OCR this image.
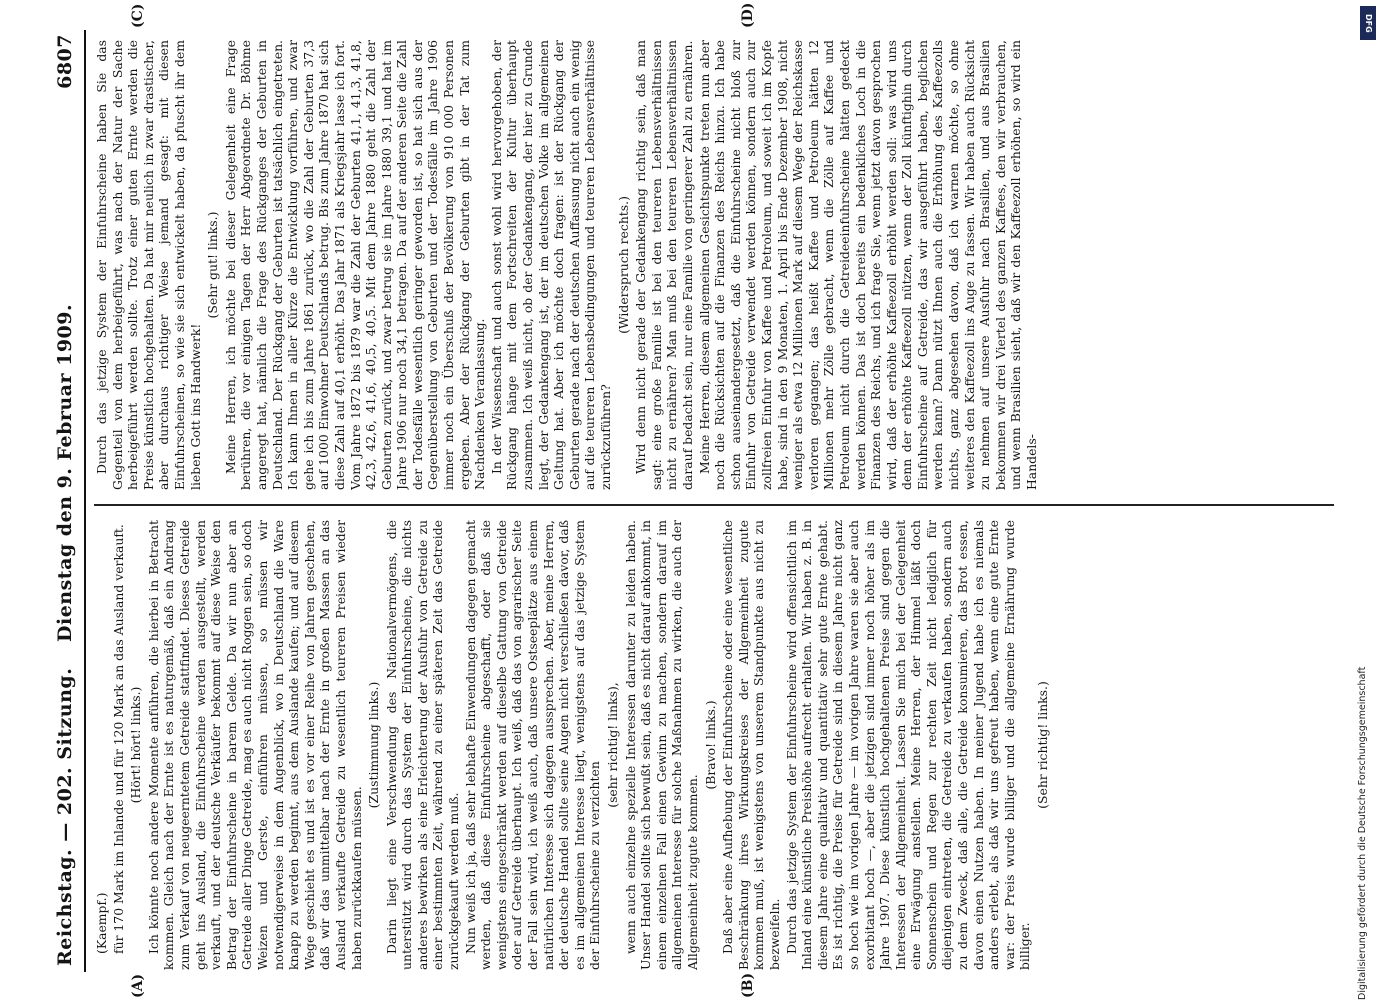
Reichstag. — 202. Sitzung.
Dienstag den 9. Februar 1909.
6807

(Kaempf.) für 170 Mark im Inlande und für 120 Mark an das Ausland verkauft. (Hört! hört! links.) Ich könnte noch andere Momente anführen, die hierbei in Betracht kommen. Gleich nach der Ernte ist es naturgemäß, daß ein Andrang zum Verkauf von neugeerntetem Getreide stattfindet. Dieses Getreide geht ins Ausland, die Einfuhrscheine werden ausgestellt, werden verkauft, und der deutsche Verkäufer bekommt auf diese Weise den Betrag der Einfuhrscheine in barem Gelde. Da wir nun aber an Getreide aller Dinge Getreide, mag es auch nicht Roggen sein, so doch Weizen und Gerste, einführen müssen, so müssen wir notwendigerweise in dem Augenblick, wo in Deutschland die Ware knapp zu werden beginnt, aus dem Auslande kaufen; und auf diesem Wege geschieht es und ist es vor einer Reihe von Jahren geschehen, daß wir das unmittelbar nach der Ernte in großen Massen an das Ausland verkaufte Getreide zu wesentlich teureren Preisen wieder haben zurückkaufen müssen.

(Zustimmung links.) Darin liegt eine Verschwendung des Nationalvermögens, die unterstützt wird durch das System der Einfuhrscheine, die nichts anderes bewirken als eine Erleichterung der Ausfuhr von Getreide zu einer bestimmten Zeit, während zu einer späteren Zeit das Getreide zurückgekauft werden muß. Nun weiß ich ja, daß sehr lebhafte Einwendungen dagegen gemacht werden, daß diese Einfuhrscheine abgeschafft, oder daß sie wenigstens eingeschränkt werden auf dieselbe Gattung von Getreide oder auf Getreide überhaupt. Ich weiß, daß das von agrarischer Seite der Fall sein wird, ich weiß auch, daß unsere Ostseeplätze aus einem natürlichen Interesse sich dagegen aussprechen. Aber, meine Herren, der deutsche Handel sollte seine Augen nicht verschließen davor, daß es im allgemeinen Interesse liegt, wenigstens auf das jetzige System der Einfuhrscheine zu verzichten

(sehr richtig! links), wenn auch einzelne spezielle Interessen darunter zu leiden haben. Unser Handel sollte sich bewußt sein, daß es nicht darauf ankommt, in einem einzelnen Fall einen Gewinn zu machen, sondern darauf im allgemeinen Interesse für solche Maßnahmen zu wirken, die auch der Allgemeinheit zugute kommen.

(Bravo! links.) Daß aber eine Aufhebung der Einfuhrscheine oder eine wesentliche Beschränkung ihres Wirkungskreises der Allgemeinheit zugute kommen muß, ist wenigstens von unserem Standpunkte aus nicht zu bezweifeln. Durch das jetzige System der Einfuhrscheine wird offensichtlich im Inland eine künstliche Preishöhe aufrecht erhalten. Wir haben z. B. in diesem Jahre eine qualitativ und quantitativ sehr gute Ernte gehabt. Es ist richtig, die Preise für Getreide sind in diesem Jahre nicht ganz so hoch wie im vorigen Jahre — im vorigen Jahre waren sie aber auch exorbitant hoch —, aber die jetzigen sind immer noch höher als im Jahre 1907. Diese künstlich hochgehaltenen Preise sind gegen die Interessen der Allgemeinheit. Lassen Sie mich bei der Gelegenheit eine Erwägung anstellen. Meine Herren, der Himmel läßt doch Sonnenschein und Regen zur rechten Zeit nicht lediglich für diejenigen eintreten, die Getreide zu verkaufen haben, sondern auch zu dem Zweck, daß alle, die Getreide konsumieren, das Brot essen, davon einen Nutzen haben. In meiner Jugend habe ich es niemals anders erlebt, als daß wir uns gefreut haben, wenn eine gute Ernte war: der Preis wurde billiger und die allgemeine Ernährung wurde billiger.

(Sehr richtig! links.)

Durch das jetzige System der Einfuhrscheine haben Sie das Gegenteil von dem herbeigeführt, was nach der Natur der Sache herbeigeführt werden sollte. Trotz einer guten Ernte werden die Preise künstlich hochgehalten. Da hat mir neulich in zwar drastischer, aber durchaus richtiger Weise jemand gesagt: mit diesen Einfuhrscheinen, so wie sie sich entwickelt haben, da pfuscht ihr dem lieben Gott ins Handwerk!

(Sehr gut! links.) Meine Herren, ich möchte bei dieser Gelegenheit eine Frage berühren, die vor einigen Tagen der Herr Abgeordnete Dr. Böhme angeregt hat, nämlich die Frage des Rückganges der Geburten in Deutschland. Der Rückgang der Geburten ist tatsächlich eingetreten. Ich kann Ihnen in aller Kürze die Entwicklung vorführen, und zwar gehe ich bis zum Jahre 1861 zurück, wo die Zahl der Geburten 37,3 auf 1000 Einwohner Deutschlands betrug. Bis zum Jahre 1870 hat sich diese Zahl auf 40,1 erhöht. Das Jahr 1871 als Kriegsjahr lasse ich fort. Vom Jahre 1872 bis 1879 war die Zahl der Geburten 41,1, 41,3, 41,8, 42,3, 42,6, 41,6, 40,5, 40,5. Mit dem Jahre 1880 geht die Zahl der Geburten zurück, und zwar betrug sie im Jahre 1880 39,1 und hat im Jahre 1906 nur noch 34,1 betragen. Da auf der anderen Seite die Zahl der Todesfälle wesentlich geringer geworden ist, so hat sich aus der Gegenüberstellung von Geburten und der Todesfälle im Jahre 1906 immer noch ein Überschuß der Bevölkerung von 910 000 Personen ergeben. Aber der Rückgang der Geburten gibt in der Tat zum Nachdenken Veranlassung. In der Wissenschaft und auch sonst wohl wird hervorgehoben, der Rückgang hänge mit dem Fortschreiten der Kultur überhaupt zusammen. Ich weiß nicht, ob der Gedankengang, der hier zu Grunde liegt, der Gedankengang ist, der im deutschen Volke im allgemeinen Geltung hat. Aber ich möchte doch fragen: ist der Rückgang der Geburten gerade nach der deutschen Auffassung nicht auch ein wenig auf die teureren Lebensbedingungen und teureren Lebensverhältnisse zurückzuführen?

(Widerspruch rechts.) Wird denn nicht gerade der Gedankengang richtig sein, daß man sagt: eine große Familie ist bei den teureren Lebensverhältnissen nicht zu ernähren? Man muß bei den teureren Lebensverhältnissen darauf bedacht sein, nur eine Familie von geringerer Zahl zu ernähren. Meine Herren, diesem allgemeinen Gesichtspunkte treten nun aber noch die Rücksichten auf die Finanzen des Reichs hinzu. Ich habe schon auseinandergesetzt, daß die Einfuhrscheine nicht bloß zur Einfuhr von Getreide verwendet werden können, sondern auch zur zollfreien Einfuhr von Kaffee und Petroleum, und soweit ich im Kopfe habe, sind in den 9 Monaten, 1. April bis Ende Dezember 1908, nicht weniger als etwa 12 Millionen Mark auf diesem Wege der Reichskasse verloren gegangen; das heißt Kaffee und Petroleum hätten 12 Millionen mehr Zölle gebracht, wenn die Zölle auf Kaffee und Petroleum nicht durch die Getreideeinfuhrscheine hätten gedeckt werden können. Das ist doch bereits ein bedenkliches Loch in die Finanzen des Reichs, und ich frage Sie, wenn jetzt davon gesprochen wird, daß der erhöhte Kaffeezoll erhöht werden soll: was wird uns denn der erhöhte Kaffeezoll nützen, wenn der Zoll künftighin durch Einfuhrscheine auf Getreide, das wir ausgeführt haben, beglichen werden kann? Dann nützt Ihnen auch die Erhöhung des Kaffeezolls nichts, ganz abgesehen davon, daß ich warnen möchte, so ohne weiteres den Kaffeezoll ins Auge zu fassen. Wir haben auch Rücksicht zu nehmen auf unsere Ausfuhr nach Brasilien, und aus Brasilien bekommen wir drei Viertel des ganzen Kaffees, den wir verbrauchen, und wenn Brasilien sieht, daß wir den Kaffeezoll erhöhen, so wird ein Handels-

(A)	(B)
(C)	(D)	DFG
Digitalisierung gefördert durch die Deutsche Forschungsgemeinschaft
